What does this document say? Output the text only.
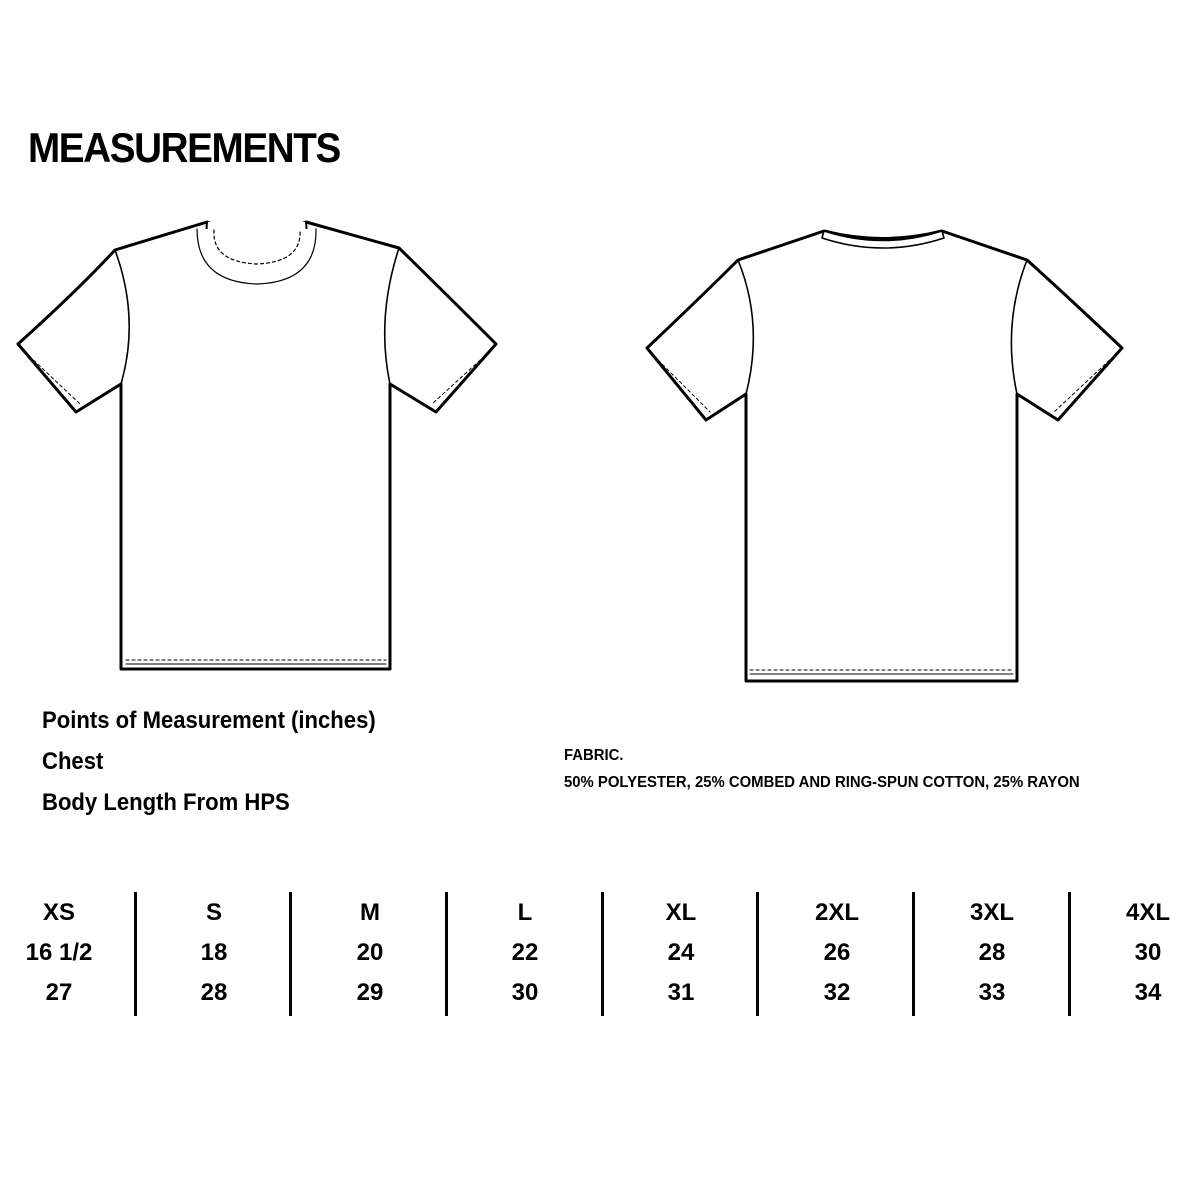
MEASUREMENTS
Points of Measurement (inches)
Chest
Body Length From HPS
FABRIC.
50% POLYESTER, 25% COMBED AND RING-SPUN COTTON, 25% RAYON
XS
16 1/2
27
S
18
28
M
20
29
L
22
30
XL
24
31
2XL
26
32
3XL
28
33
4XL
30
34
